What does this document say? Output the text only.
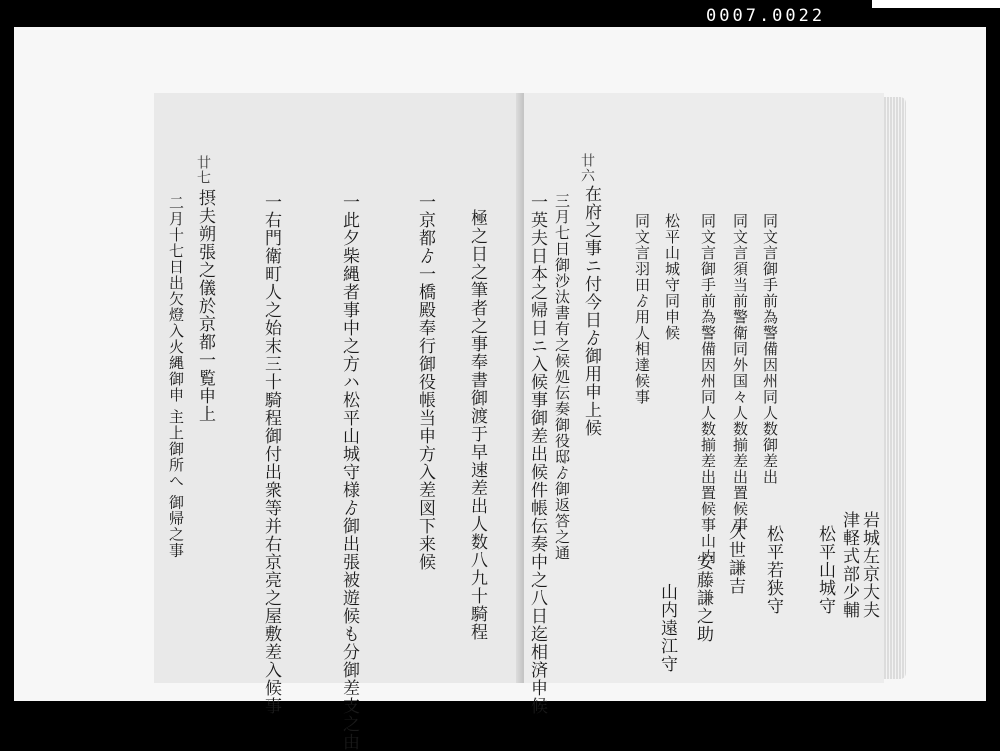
0007.0022
廿七
摂夫朔張之儀於京都一覧申上
二月十七日出欠燈入火縄御申 主上御所へ 御帰之事	一右門衛町人之始末三十騎程御付出衆等并右京亮之屋敷差入候事	一此夕柴縄者事中之方ハ松平山城守様ゟ御出張被遊候も分御差支之由	一京都ゟ一橋殿奉行御役帳当申方入差図下来候 極之日之筆者之事奉書御渡于早速差出人数八九十騎程
廿六
在府之事ニ付今日ゟ御用申上候
三月七日御沙汰書有之候処伝奏御役邸ゟ御返答之通
一英夫日本之帰日ニ入候事御差出候件帳伝奏中之八日迄相済申候	同文言羽田ゟ用人相達候事 松平山城守同申候 同文言御手前為警備因州同人数揃差出置候事山内 同文言須当前警衛同外国々人数揃差出置候事 同文言御手前為警備因州同人数御差出
山内遠江守 安藤謙之助 久世謙吉 松平若狭守 松平山城守 津軽式部少輔 岩城左京大夫
